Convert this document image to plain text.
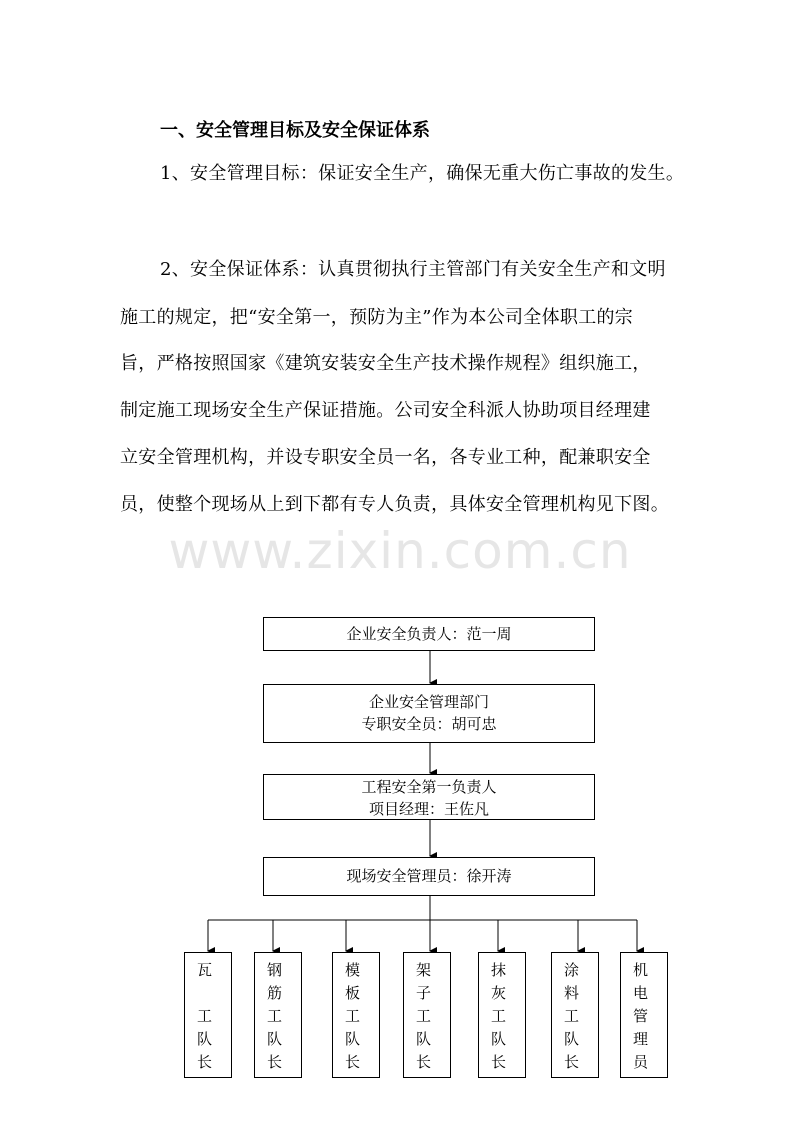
一、安全管理目标及安全保证体系
1、安全管理目标：保证安全生产，确保无重大伤亡事故的发生。
2、安全保证体系：认真贯彻执行主管部门有关安全生产和文明
施工的规定，把“安全第一，预防为主”作为本公司全体职工的宗
旨，严格按照国家《建筑安装安全生产技术操作规程》组织施工，
制定施工现场安全生产保证措施。公司安全科派人协助项目经理建
立安全管理机构，并设专职安全员一名，各专业工种，配兼职安全
员，使整个现场从上到下都有专人负责，具体安全管理机构见下图。
www.zixin.com.cn
企业安全负责人：范一周
企业安全管理部门
专职安全员：胡可忠
工程安全第一负责人
项目经理：王佐凡
现场安全管理员：徐开涛
瓦
工
队
长
钢
筋
工
队
长
模
板
工
队
长
架
子
工
队
长
抹
灰
工
队
长
涂
料
工
队
长
机
电
管
理
员
